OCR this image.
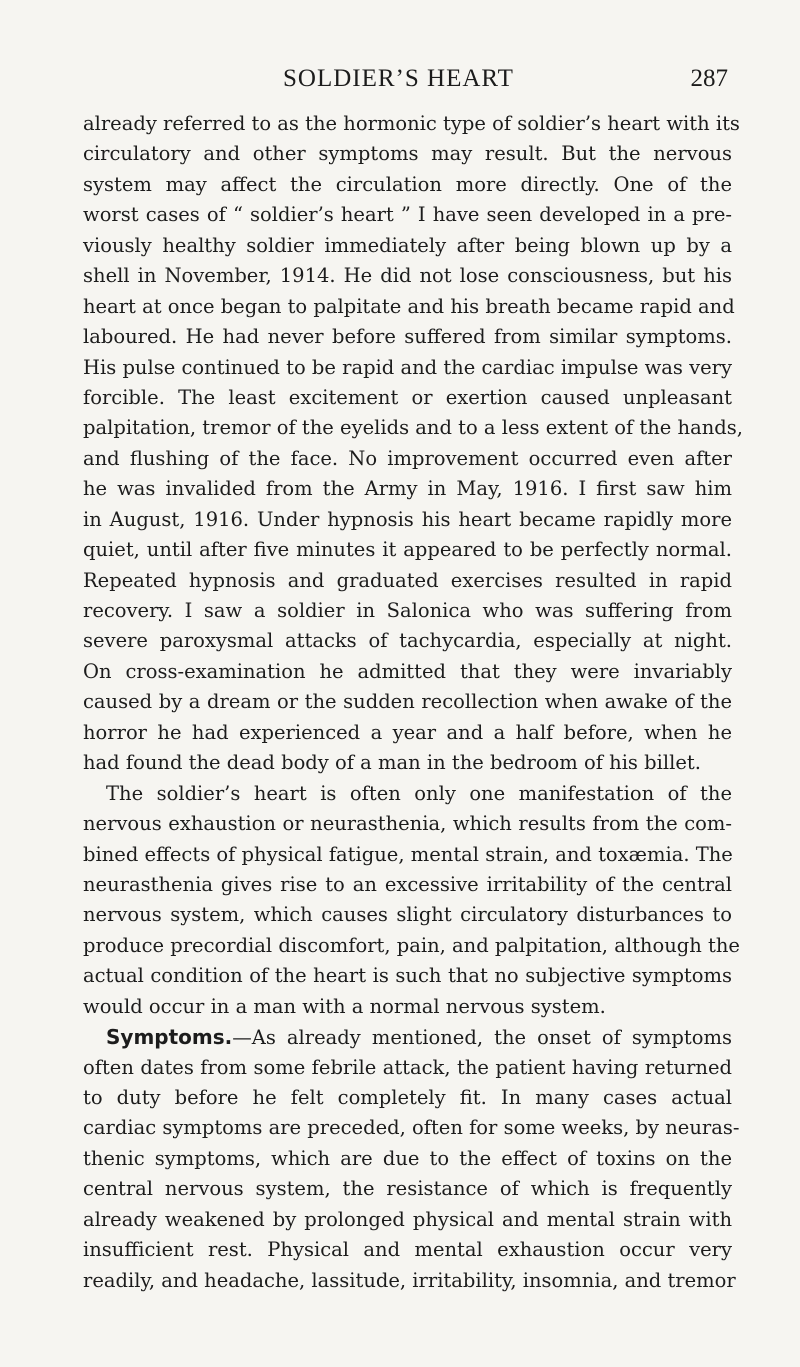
SOLDIER’S HEART	287
already referred to as the hormonic type of soldier’s heart with its
circulatory and other symptoms may result. But the nervous
system may affect the circulation more directly. One of the
worst cases of “ soldier’s heart ” I have seen developed in a pre-
viously healthy soldier immediately after being blown up by a
shell in November, 1914. He did not lose consciousness, but his
heart at once began to palpitate and his breath became rapid and
laboured. He had never before suffered from similar symptoms.
His pulse continued to be rapid and the cardiac impulse was very
forcible. The least excitement or exertion caused unpleasant
palpitation, tremor of the eyelids and to a less extent of the hands,
and flushing of the face. No improvement occurred even after
he was invalided from the Army in May, 1916. I first saw him
in August, 1916. Under hypnosis his heart became rapidly more
quiet, until after five minutes it appeared to be perfectly normal.
Repeated hypnosis and graduated exercises resulted in rapid
recovery. I saw a soldier in Salonica who was suffering from
severe paroxysmal attacks of tachycardia, especially at night.
On cross-examination he admitted that they were invariably
caused by a dream or the sudden recollection when awake of the
horror he had experienced a year and a half before, when he
had found the dead body of a man in the bedroom of his billet.
The soldier’s heart is often only one manifestation of the
nervous exhaustion or neurasthenia, which results from the com-
bined effects of physical fatigue, mental strain, and toxæmia. The
neurasthenia gives rise to an excessive irritability of the central
nervous system, which causes slight circulatory disturbances to
produce precordial discomfort, pain, and palpitation, although the
actual condition of the heart is such that no subjective symptoms
would occur in a man with a normal nervous system.
Symptoms.—As already mentioned, the onset of symptoms
often dates from some febrile attack, the patient having returned
to duty before he felt completely fit. In many cases actual
cardiac symptoms are preceded, often for some weeks, by neuras-
thenic symptoms, which are due to the effect of toxins on the
central nervous system, the resistance of which is frequently
already weakened by prolonged physical and mental strain with
insufficient rest. Physical and mental exhaustion occur very
readily, and headache, lassitude, irritability, insomnia, and tremor
